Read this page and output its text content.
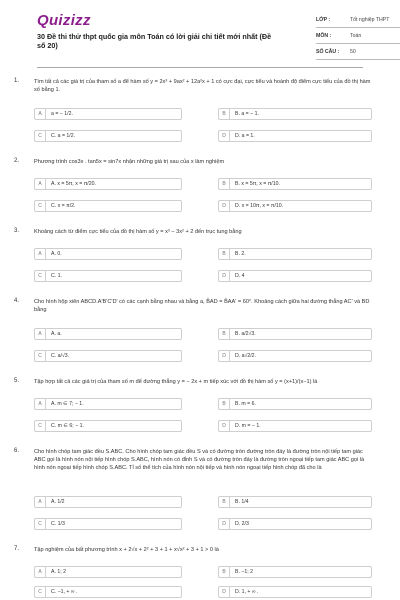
Quizizz
30 Đề thi thử thpt quốc gia môn Toán có lời giải chi tiết mới nhất (Đề số 20)
LỚP :	Tốt nghiệp THPT
MÔN :	Toán
SỐ CÂU :	50
1.	Tìm tất cả các giá trị của tham số a để hàm số y = 2x³ + 9ax² + 12a²x + 1 có cực đại, cực tiểu và hoành độ điểm cực tiểu của đồ thị hàm số bằng 1.
A	a = − 1/2.	B	B. a = − 1.
C	C. a = 1/2.	D	D. a = 1.
2.	Phương trình cos3x . tan5x = sin7x nhận những giá trị sau của x làm nghiệm
A	A. x = 5π, x = π/20.	B	B. x = 5π, x = π/10.
C	C. x = π/2.	D	D. x = 10π, x = π/10.
3.	Khoảng cách từ điểm cực tiểu của đồ thị hàm số y = x³ − 3x² + 2 đến trục tung bằng
A	A. 0.	B	B. 2.
C	C. 1.	D	D. 4
4.	Cho hình hộp xiên ABCD.A'B'C'D' có các cạnh bằng nhau và bằng a, B̂AD = B̂AA' = 60°. Khoảng cách giữa hai đường thẳng AC' và BD bằng
A	A. a.	B	B. a/2√3.
C	C. a/√3.	D	D. a√2/2.
5.	Tập hợp tất cả các giá trị của tham số m để đường thẳng y = − 2x + m tiếp xúc với đồ thị hàm số y = (x+1)/(x−1) là
A	A. m ∈ 7; − 1.	B	B. m = 6.
C	C. m ∈ 6; − 1.	D	D. m = − 1.
6.	Cho hình chóp tam giác đều S.ABC. Cho hình chóp tam giác đều S và có đường tròn đường tròn đáy là đường tròn nội tiếp tam giác ABC gọi là hình nón nội tiếp hình chóp S.ABC, hình nón có đỉnh S và có đường tròn đáy là đường tròn ngoại tiếp tam giác ABC gọi là hình nón ngoại tiếp hình chóp S.ABC. Tỉ số thể tích của hình nón nội tiếp và hình nón ngoại tiếp hình chóp đã cho là
A	A. 1/2	B	B. 1/4
C	C. 1/3	D	D. 2/3
7.	Tập nghiệm của bất phương trình x + 2√x + 2² + 3 + 1 + x√x² + 3 + 1 > 0 là
A	A. 1; 2	B	B. −1; 2
C	C. −1, + ∞ .	D	D. 1, + ∞ .
